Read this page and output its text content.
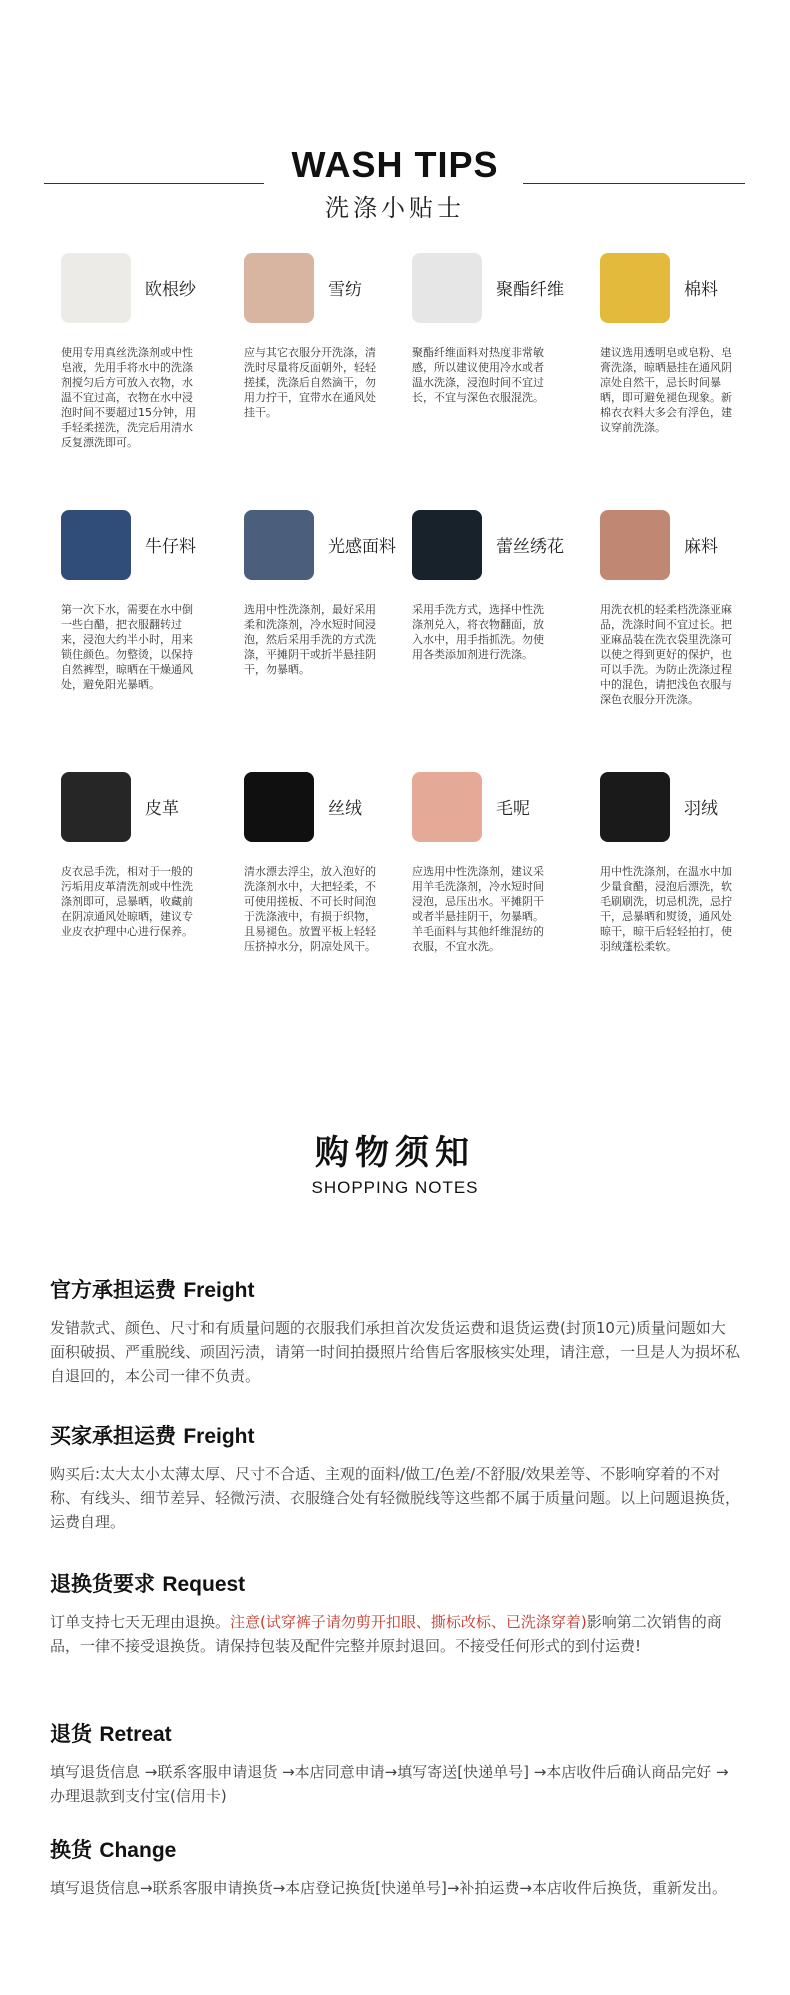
WASH TIPS
洗涤小贴士
欧根纱
使用专用真丝洗涤剂或中性皂液，先用手将水中的洗涤剂搅匀后方可放入衣物，水温不宜过高，衣物在水中浸泡时间不要超过15分钟，用手轻柔搓洗，洗完后用清水反复漂洗即可。
雪纺
应与其它衣服分开洗涤，清洗时尽量将反面朝外，轻轻搓揉，洗涤后自然滴干，勿用力拧干，宜带水在通风处挂干。
聚酯纤维
聚酯纤维面料对热度非常敏感，所以建议使用冷水或者温水洗涤，浸泡时间不宜过长，不宜与深色衣服混洗。
棉料
建议选用透明皂或皂粉、皂膏洗涤，晾晒悬挂在通风阴凉处自然干，忌长时间暴晒，即可避免褪色现象。新棉衣衣料大多会有浮色，建议穿前洗涤。
牛仔料
第一次下水，需要在水中倒一些白醋，把衣服翻转过来，浸泡大约半小时，用来锁住颜色。勿整烫，以保持自然裤型，晾晒在干燥通风处，避免阳光暴晒。
光感面料
选用中性洗涤剂，最好采用柔和洗涤剂，冷水短时间浸泡，然后采用手洗的方式洗涤，平摊阴干或折半悬挂阴干，勿暴晒。
蕾丝绣花
采用手洗方式，选择中性洗涤剂兑入，将衣物翻面，放入水中，用手指抓洗。勿使用各类添加剂进行洗涤。
麻料
用洗衣机的轻柔档洗涤亚麻品，洗涤时间不宜过长。把亚麻品装在洗衣袋里洗涤可以使之得到更好的保护，也可以手洗。为防止洗涤过程中的混色，请把浅色衣服与深色衣服分开洗涤。
皮革
皮衣忌手洗，相对于一般的污垢用皮革清洗剂或中性洗涤剂即可，忌暴晒，收藏前在阴凉通风处晾晒，建议专业皮衣护理中心进行保养。
丝绒
清水漂去浮尘，放入泡好的洗涤剂水中，大把轻柔，不可使用搓板、不可长时间泡于洗涤液中，有损于织物，且易褪色。放置平板上轻轻压挤掉水分，阴凉处风干。
毛呢
应选用中性洗涤剂，建议采用羊毛洗涤剂，冷水短时间浸泡，忌压出水。平摊阴干或者半悬挂阴干，勿暴晒。羊毛面料与其他纤维混纺的衣服，不宜水洗。
羽绒
用中性洗涤剂，在温水中加少量食醋，浸泡后漂洗，软毛刷刷洗，切忌机洗，忌拧干，忌暴晒和熨烫，通风处晾干，晾干后轻轻拍打，使羽绒蓬松柔软。
购物须知
SHOPPING NOTES
官方承担运费 Freight
发错款式、颜色、尺寸和有质量问题的衣服我们承担首次发货运费和退货运费(封顶10元)质量问题如大面积破损、严重脱线、顽固污渍，请第一时间拍摄照片给售后客服核实处理，请注意，一旦是人为损坏私自退回的，本公司一律不负责。
买家承担运费 Freight
购买后:太大太小太薄太厚、尺寸不合适、主观的面料/做工/色差/不舒服/效果差等、不影响穿着的不对称、有线头、细节差异、轻微污渍、衣服缝合处有轻微脱线等这些都不属于质量问题。以上问题退换货，运费自理。
退换货要求 Request
订单支持七天无理由退换。注意(试穿裤子请勿剪开扣眼、撕标改标、已洗涤穿着)影响第二次销售的商品，一律不接受退换货。请保持包装及配件完整并原封退回。不接受任何形式的到付运费!
退货 Retreat
填写退货信息 →联系客服申请退货 →本店同意申请→填写寄送[快递单号] →本店收件后确认商品完好 →办理退款到支付宝(信用卡)
换货 Change
填写退货信息→联系客服申请换货→本店登记换货[快递单号]→补拍运费→本店收件后换货，重新发出。
